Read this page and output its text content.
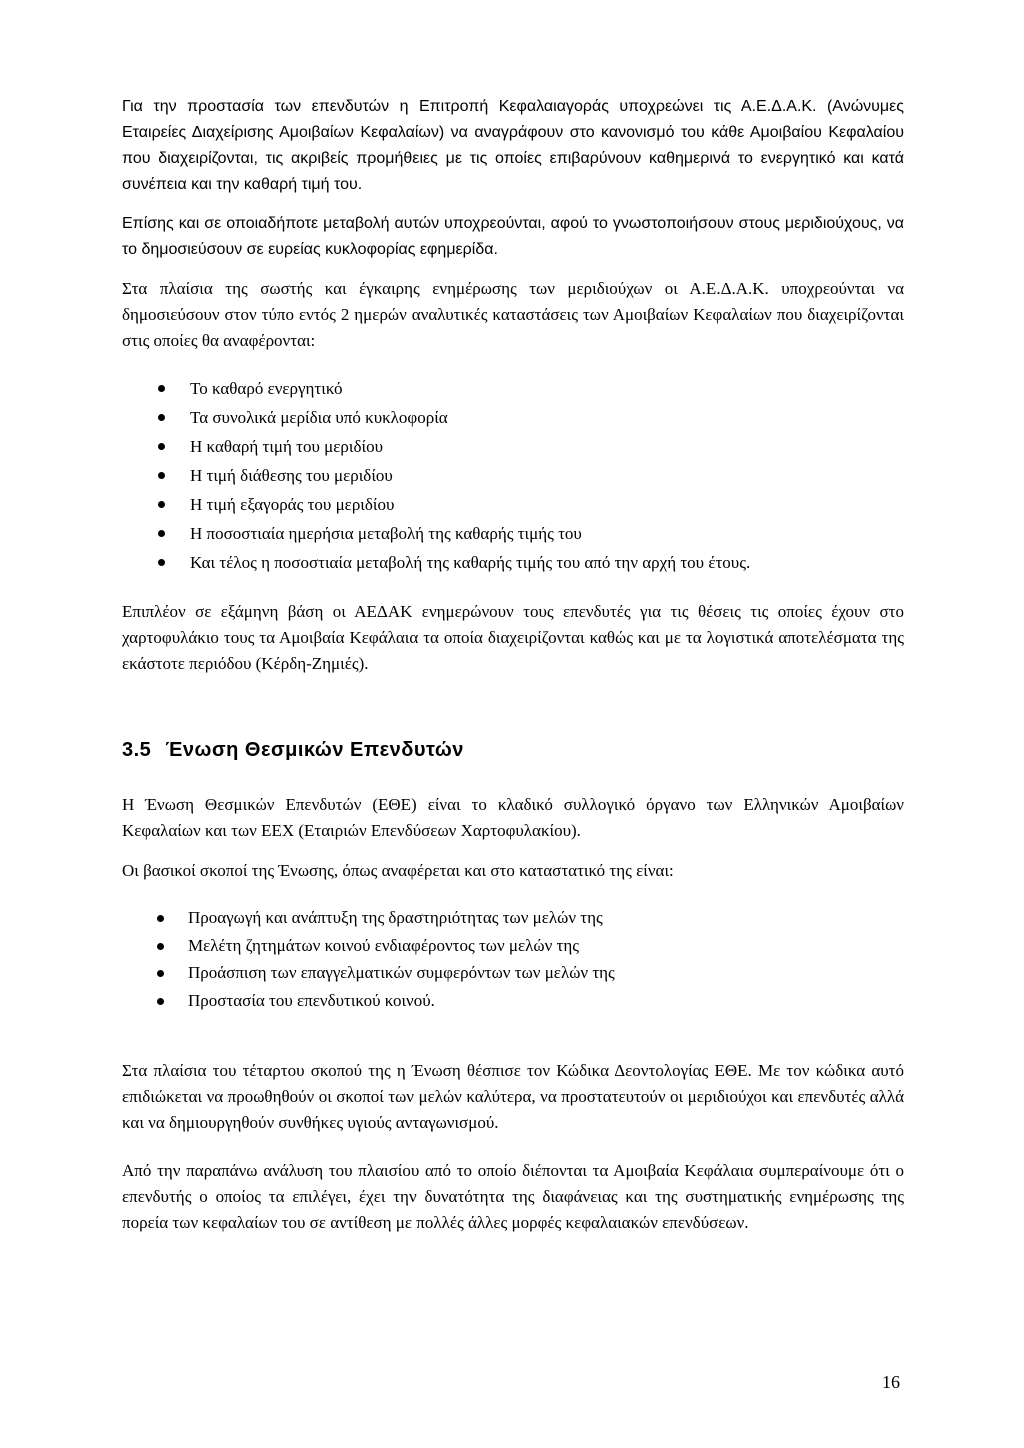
Για την προστασία των επενδυτών η Επιτροπή Κεφαλαιαγοράς υποχρεώνει τις Α.Ε.Δ.Α.Κ. (Ανώνυμες Εταιρείες Διαχείρισης Αμοιβαίων Κεφαλαίων) να αναγράφουν στο κανονισμό του κάθε Αμοιβαίου Κεφαλαίου που διαχειρίζονται, τις ακριβείς προμήθειες με τις οποίες επιβαρύνουν καθημερινά το ενεργητικό και κατά συνέπεια και την καθαρή τιμή του.

Επίσης και σε οποιαδήποτε μεταβολή αυτών υποχρεούνται, αφού το γνωστοποιήσουν στους μεριδιούχους, να το δημοσιεύσουν σε ευρείας κυκλοφορίας εφημερίδα.

Στα πλαίσια της σωστής και έγκαιρης ενημέρωσης των μεριδιούχων οι Α.Ε.Δ.Α.Κ. υποχρεούνται να δημοσιεύσουν στον τύπο εντός 2 ημερών αναλυτικές καταστάσεις των Αμοιβαίων Κεφαλαίων που διαχειρίζονται στις οποίες θα αναφέρονται:

Το καθαρό ενεργητικό
Τα συνολικά μερίδια υπό κυκλοφορία
Η καθαρή τιμή του μεριδίου
Η τιμή διάθεσης του μεριδίου
Η τιμή εξαγοράς του μεριδίου
Η ποσοστιαία ημερήσια μεταβολή της καθαρής τιμής του
Και τέλος η ποσοστιαία μεταβολή της καθαρής τιμής του από την αρχή του έτους.

Επιπλέον σε εξάμηνη βάση οι ΑΕΔΑΚ ενημερώνουν τους επενδυτές για τις θέσεις τις οποίες έχουν στο χαρτοφυλάκιο τους τα Αμοιβαία Κεφάλαια τα οποία διαχειρίζονται καθώς και με τα λογιστικά αποτελέσματα της εκάστοτε περιόδου (Κέρδη-Ζημιές).

3.5 Ένωση Θεσμικών Επενδυτών

Η Ένωση Θεσμικών Επενδυτών (ΕΘΕ) είναι το κλαδικό συλλογικό όργανο των Ελληνικών Αμοιβαίων Κεφαλαίων και των ΕΕΧ (Εταιριών Επενδύσεων Χαρτοφυλακίου).

Οι βασικοί σκοποί της Ένωσης, όπως αναφέρεται και στο καταστατικό της είναι:

Προαγωγή και ανάπτυξη της δραστηριότητας των μελών της
Μελέτη ζητημάτων κοινού ενδιαφέροντος των μελών της
Προάσπιση των επαγγελματικών συμφερόντων των μελών της
Προστασία του επενδυτικού κοινού.

Στα πλαίσια του τέταρτου σκοπού της η Ένωση θέσπισε τον Κώδικα Δεοντολογίας ΕΘΕ. Με τον κώδικα αυτό επιδιώκεται να προωθηθούν οι σκοποί των μελών καλύτερα, να προστατευτούν οι μεριδιούχοι και επενδυτές αλλά και να δημιουργηθούν συνθήκες υγιούς ανταγωνισμού.

Από την παραπάνω ανάλυση του πλαισίου από το οποίο διέπονται τα Αμοιβαία Κεφάλαια συμπεραίνουμε ότι ο επενδυτής ο οποίος τα επιλέγει, έχει την δυνατότητα της διαφάνειας και της συστηματικής ενημέρωσης της πορεία των κεφαλαίων του σε αντίθεση με πολλές άλλες μορφές κεφαλαιακών επενδύσεων.

16
